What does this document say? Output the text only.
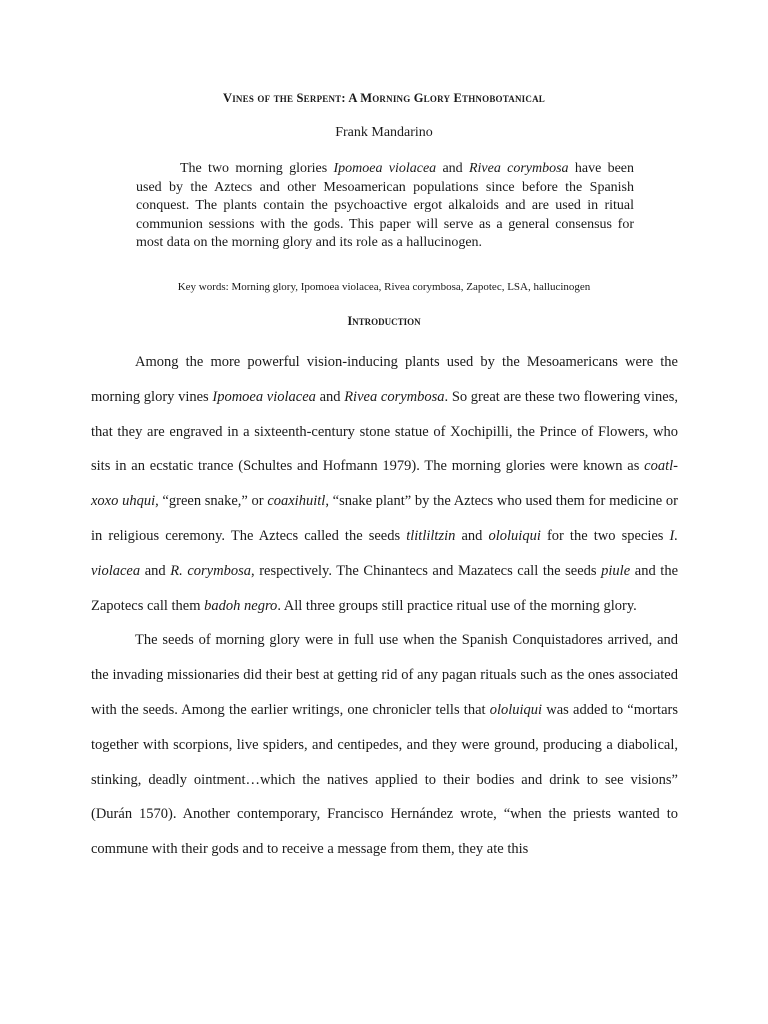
Vines of the Serpent: A Morning Glory Ethnobotanical
Frank Mandarino

The two morning glories Ipomoea violacea and Rivea corymbosa have been used by the Aztecs and other Mesoamerican populations since before the Spanish conquest. The plants contain the psychoactive ergot alkaloids and are used in ritual communion sessions with the gods. This paper will serve as a general consensus for most data on the morning glory and its role as a hallucinogen.

Key words: Morning glory, Ipomoea violacea, Rivea corymbosa, Zapotec, LSA, hallucinogen
Introduction

Among the more powerful vision-inducing plants used by the Mesoamericans were the morning glory vines Ipomoea violacea and Rivea corymbosa. So great are these two flowering vines, that they are engraved in a sixteenth-century stone statue of Xochipilli, the Prince of Flowers, who sits in an ecstatic trance (Schultes and Hofmann 1979). The morning glories were known as coatl-xoxo uhqui, “green snake,” or coaxihuitl, “snake plant” by the Aztecs who used them for medicine or in religious ceremony. The Aztecs called the seeds tlitliltzin and ololuiqui for the two species I. violacea and R. corymbosa, respectively. The Chinantecs and Mazatecs call the seeds piule and the Zapotecs call them badoh negro. All three groups still practice ritual use of the morning glory.

The seeds of morning glory were in full use when the Spanish Conquistadores arrived, and the invading missionaries did their best at getting rid of any pagan rituals such as the ones associated with the seeds. Among the earlier writings, one chronicler tells that ololuiqui was added to “mortars together with scorpions, live spiders, and centipedes, and they were ground, producing a diabolical, stinking, deadly ointment…which the natives applied to their bodies and drink to see visions” (Durán 1570). Another contemporary, Francisco Hernández wrote, “when the priests wanted to commune with their gods and to receive a message from them, they ate this
